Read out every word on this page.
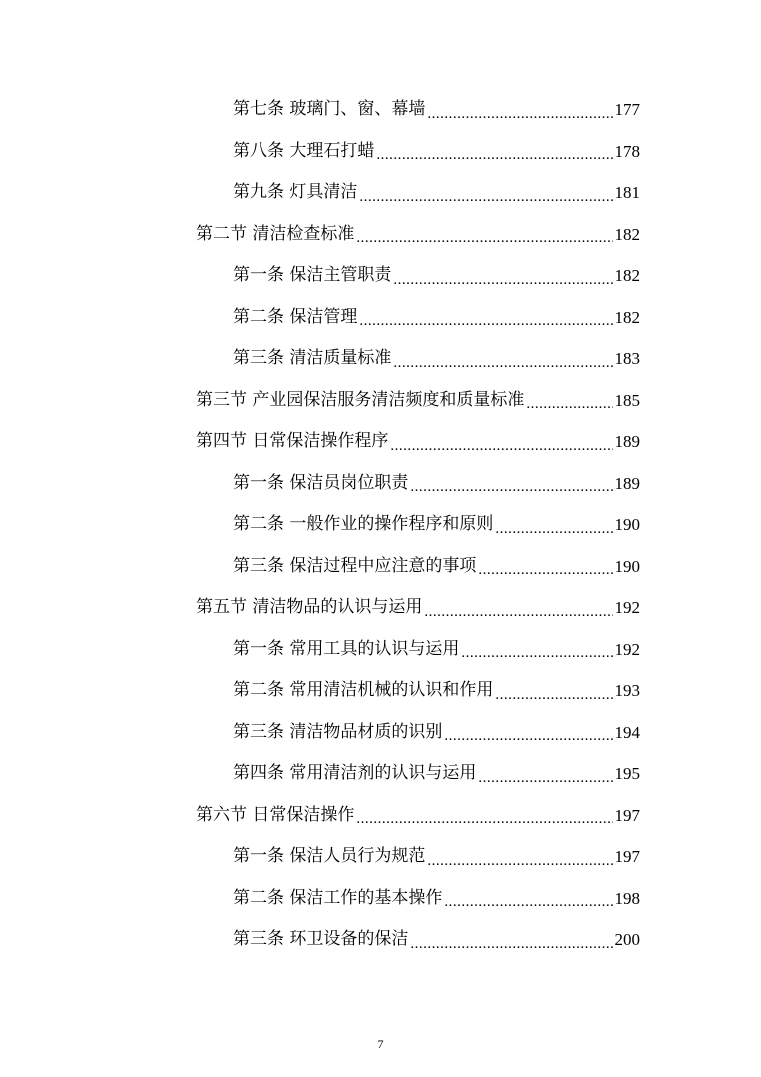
第七条 玻璃门、窗、幕墙 .....	177
第八条 大理石打蜡 .....	178
第九条 灯具清洁 .....	181
第二节 清洁检查标准 .....	182
第一条 保洁主管职责 .....	182
第二条 保洁管理 .....	182
第三条 清洁质量标准 .....	183
第三节 产业园保洁服务清洁频度和质量标准 .....	185
第四节 日常保洁操作程序 .....	189
第一条 保洁员岗位职责 .....	189
第二条 一般作业的操作程序和原则 .....	190
第三条 保洁过程中应注意的事项 .....	190
第五节 清洁物品的认识与运用 .....	192
第一条 常用工具的认识与运用 .....	192
第二条 常用清洁机械的认识和作用 .....	193
第三条 清洁物品材质的识别 .....	194
第四条 常用清洁剂的认识与运用 .....	195
第六节 日常保洁操作 .....	197
第一条 保洁人员行为规范 .....	197
第二条 保洁工作的基本操作 .....	198
第三条 环卫设备的保洁 .....	200
7
